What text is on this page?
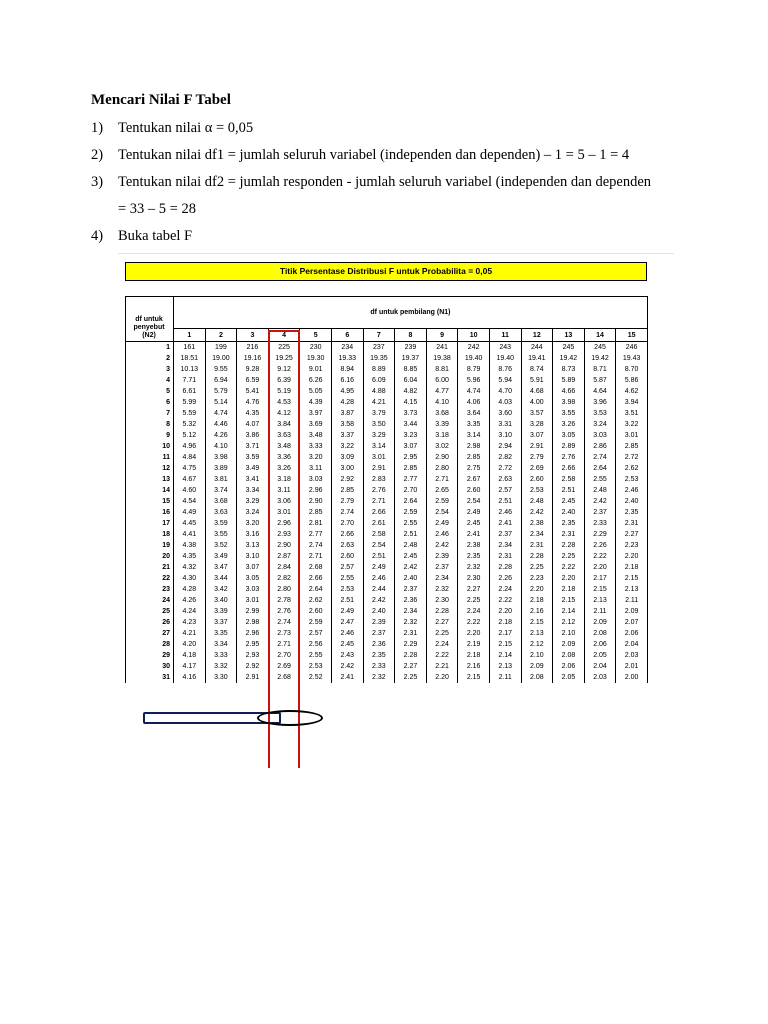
Mencari Nilai F Tabel
1) Tentukan nilai α = 0,05
2) Tentukan nilai df1 = jumlah seluruh variabel (independen dan dependen) – 1 = 5 – 1 = 4
3) Tentukan nilai df2 = jumlah responden - jumlah seluruh variabel (independen dan dependen
= 33 – 5 = 28
4) Buka tabel F
Titik Persentase Distribusi F untuk Probabilita = 0,05
	df untuk pembilang (N1)														
	1	2	3	4	5	6	7	8	9	10	11	12	13	14	15
1	161	199	216	225	230	234	237	239	241	242	243	244	245	245	246
2	18.51	19.00	19.16	19.25	19.30	19.33	19.35	19.37	19.38	19.40	19.40	19.41	19.42	19.42	19.43
3	10.13	9.55	9.28	9.12	9.01	8.94	8.89	8.85	8.81	8.79	8.76	8.74	8.73	8.71	8.70
4	7.71	6.94	6.59	6.39	6.26	6.16	6.09	6.04	6.00	5.96	5.94	5.91	5.89	5.87	5.86
5	6.61	5.79	5.41	5.19	5.05	4.95	4.88	4.82	4.77	4.74	4.70	4.68	4.66	4.64	4.62
6	5.99	5.14	4.76	4.53	4.39	4.28	4.21	4.15	4.10	4.06	4.03	4.00	3.98	3.96	3.94
7	5.59	4.74	4.35	4.12	3.97	3.87	3.79	3.73	3.68	3.64	3.60	3.57	3.55	3.53	3.51
8	5.32	4.46	4.07	3.84	3.69	3.58	3.50	3.44	3.39	3.35	3.31	3.28	3.26	3.24	3.22
9	5.12	4.26	3.86	3.63	3.48	3.37	3.29	3.23	3.18	3.14	3.10	3.07	3.05	3.03	3.01
10	4.96	4.10	3.71	3.48	3.33	3.22	3.14	3.07	3.02	2.98	2.94	2.91	2.89	2.86	2.85
11	4.84	3.98	3.59	3.36	3.20	3.09	3.01	2.95	2.90	2.85	2.82	2.79	2.76	2.74	2.72
12	4.75	3.89	3.49	3.26	3.11	3.00	2.91	2.85	2.80	2.75	2.72	2.69	2.66	2.64	2.62
13	4.67	3.81	3.41	3.18	3.03	2.92	2.83	2.77	2.71	2.67	2.63	2.60	2.58	2.55	2.53
14	4.60	3.74	3.34	3.11	2.96	2.85	2.76	2.70	2.65	2.60	2.57	2.53	2.51	2.48	2.46
15	4.54	3.68	3.29	3.06	2.90	2.79	2.71	2.64	2.59	2.54	2.51	2.48	2.45	2.42	2.40
16	4.49	3.63	3.24	3.01	2.85	2.74	2.66	2.59	2.54	2.49	2.46	2.42	2.40	2.37	2.35
17	4.45	3.59	3.20	2.96	2.81	2.70	2.61	2.55	2.49	2.45	2.41	2.38	2.35	2.33	2.31
18	4.41	3.55	3.16	2.93	2.77	2.66	2.58	2.51	2.46	2.41	2.37	2.34	2.31	2.29	2.27
19	4.38	3.52	3.13	2.90	2.74	2.63	2.54	2.48	2.42	2.38	2.34	2.31	2.28	2.26	2.23
20	4.35	3.49	3.10	2.87	2.71	2.60	2.51	2.45	2.39	2.35	2.31	2.28	2.25	2.22	2.20
21	4.32	3.47	3.07	2.84	2.68	2.57	2.49	2.42	2.37	2.32	2.28	2.25	2.22	2.20	2.18
22	4.30	3.44	3.05	2.82	2.66	2.55	2.46	2.40	2.34	2.30	2.26	2.23	2.20	2.17	2.15
23	4.28	3.42	3.03	2.80	2.64	2.53	2.44	2.37	2.32	2.27	2.24	2.20	2.18	2.15	2.13
24	4.26	3.40	3.01	2.78	2.62	2.51	2.42	2.36	2.30	2.25	2.22	2.18	2.15	2.13	2.11
25	4.24	3.39	2.99	2.76	2.60	2.49	2.40	2.34	2.28	2.24	2.20	2.16	2.14	2.11	2.09
26	4.23	3.37	2.98	2.74	2.59	2.47	2.39	2.32	2.27	2.22	2.18	2.15	2.12	2.09	2.07
27	4.21	3.35	2.96	2.73	2.57	2.46	2.37	2.31	2.25	2.20	2.17	2.13	2.10	2.08	2.06
28	4.20	3.34	2.95	2.71	2.56	2.45	2.36	2.29	2.24	2.19	2.15	2.12	2.09	2.06	2.04
29	4.18	3.33	2.93	2.70	2.55	2.43	2.35	2.28	2.22	2.18	2.14	2.10	2.08	2.05	2.03
30	4.17	3.32	2.92	2.69	2.53	2.42	2.33	2.27	2.21	2.16	2.13	2.09	2.06	2.04	2.01
31	4.16	3.30	2.91	2.68	2.52	2.41	2.32	2.25	2.20	2.15	2.11	2.08	2.05	2.03	2.00
df untuk
penyebut
(N2)
